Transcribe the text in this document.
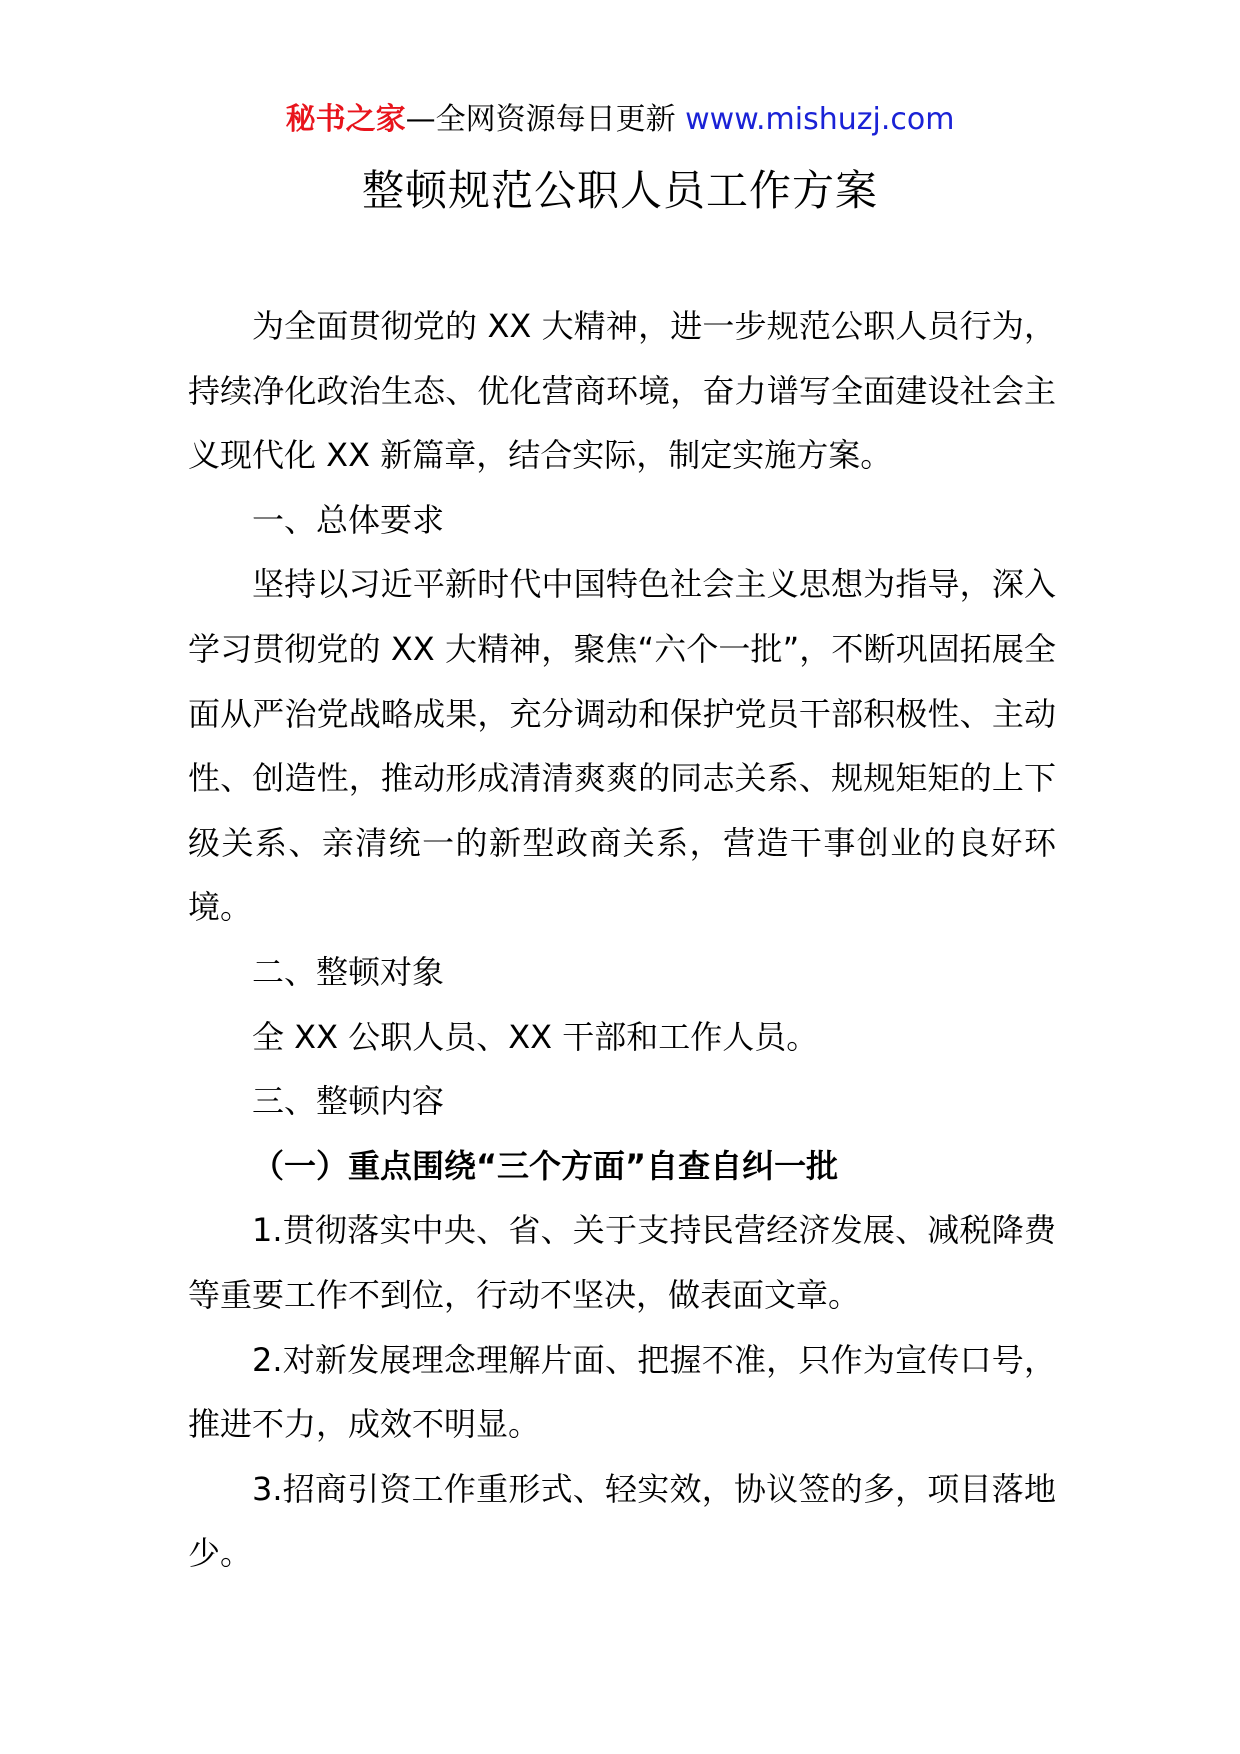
秘书之家—全网资源每日更新 www.mishuzj.com
整顿规范公职人员工作方案

为全面贯彻党的 XX 大精神，进一步规范公职人员行为，持续净化政治生态、优化营商环境，奋力谱写全面建设社会主义现代化 XX 新篇章，结合实际，制定实施方案。

一、总体要求

坚持以习近平新时代中国特色社会主义思想为指导，深入学习贯彻党的 XX 大精神，聚焦“六个一批”，不断巩固拓展全面从严治党战略成果，充分调动和保护党员干部积极性、主动性、创造性，推动形成清清爽爽的同志关系、规规矩矩的上下级关系、亲清统一的新型政商关系，营造干事创业的良好环境。

二、整顿对象

全 XX 公职人员、XX 干部和工作人员。

三、整顿内容

（一）重点围绕“三个方面”自查自纠一批

1.贯彻落实中央、省、关于支持民营经济发展、减税降费等重要工作不到位，行动不坚决，做表面文章。

2.对新发展理念理解片面、把握不准，只作为宣传口号，推进不力，成效不明显。

3.招商引资工作重形式、轻实效，协议签的多，项目落地少。
